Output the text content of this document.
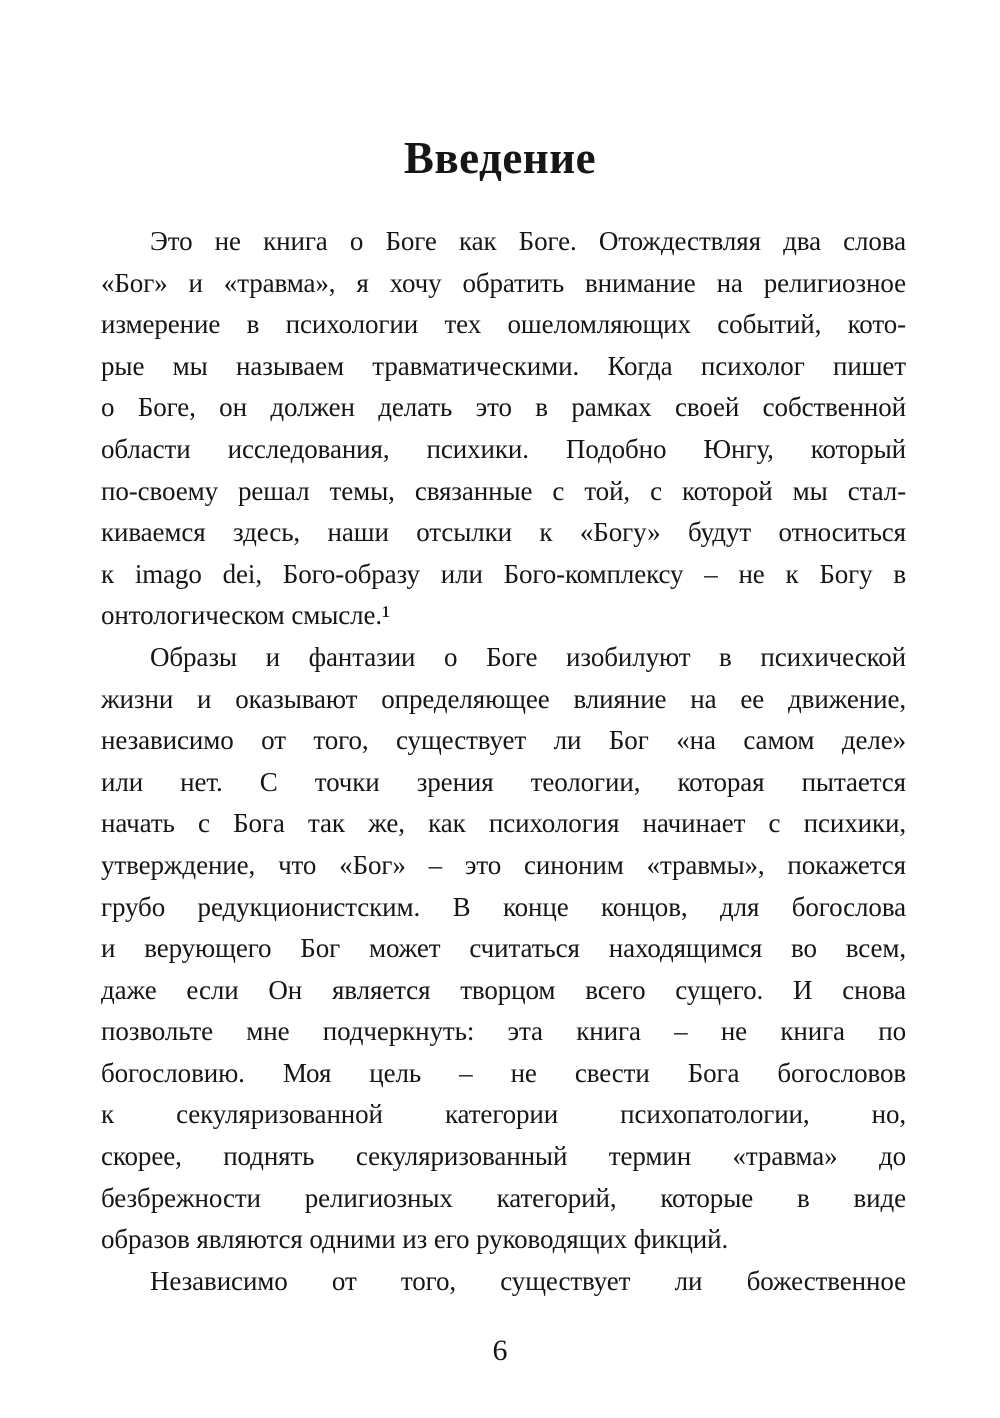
Введение
Это не книга о Боге как Боге. Отождествляя два слова
«Бог» и «травма», я хочу обратить внимание на религиозное
измерение в психологии тех ошеломляющих событий, кото-
рые мы называем травматическими. Когда психолог пишет
о Боге, он должен делать это в рамках своей собственной
области исследования, психики. Подобно Юнгу, который
по-своему решал темы, связанные с той, с которой мы стал-
киваемся здесь, наши отсылки к «Богу» будут относиться
к imago dei, Бого-образу или Бого-комплексу – не к Богу в
онтологическом смысле.¹
Образы и фантазии о Боге изобилуют в психической
жизни и оказывают определяющее влияние на ее движение,
независимо от того, существует ли Бог «на самом деле»
или нет. С точки зрения теологии, которая пытается
начать с Бога так же, как психология начинает с психики,
утверждение, что «Бог» – это синоним «травмы», покажется
грубо редукционистским. В конце концов, для богослова
и верующего Бог может считаться находящимся во всем,
даже если Он является творцом всего сущего. И снова
позвольте мне подчеркнуть: эта книга – не книга по
богословию. Моя цель – не свести Бога богословов
к секуляризованной категории психопатологии, но,
скорее, поднять секуляризованный термин «травма» до
безбрежности религиозных категорий, которые в виде
образов являются одними из его руководящих фикций.
Независимо от того, существует ли божественное
6
